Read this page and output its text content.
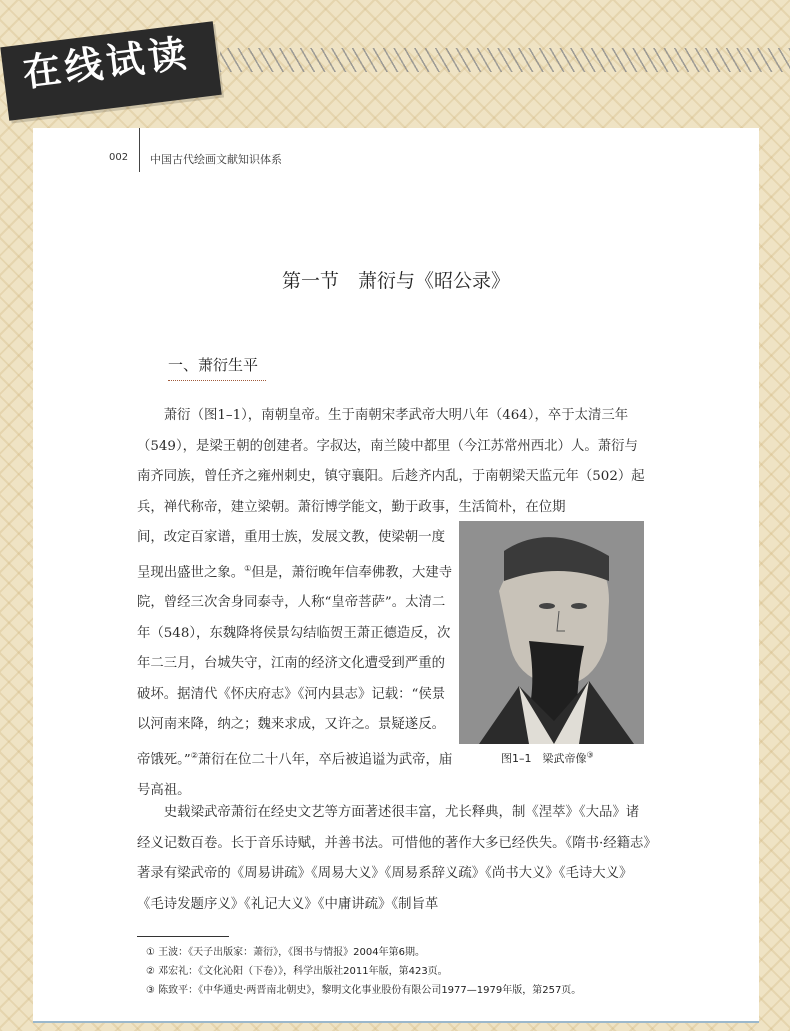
在线试读
002 中国古代绘画文献知识体系
第一节　萧衍与《昭公录》
一、萧衍生平
萧衍（图1–1），南朝皇帝。生于南朝宋孝武帝大明八年（464），卒于太清三年（549），是梁王朝的创建者。字叔达，南兰陵中都里（今江苏常州西北）人。萧衍与南齐同族，曾任齐之雍州刺史，镇守襄阳。后趁齐内乱，于南朝梁天监元年（502）起兵，禅代称帝，建立梁朝。萧衍博学能文，勤于政事，生活简朴，在位期
间，改定百家谱，重用士族，发展文教，使梁朝一度呈现出盛世之象。①但是，萧衍晚年信奉佛教，大建寺院，曾经三次舍身同泰寺，人称“皇帝菩萨”。太清二年（548），东魏降将侯景勾结临贺王萧正德造反，次年二三月，台城失守，江南的经济文化遭受到严重的破坏。据清代《怀庆府志》《河内县志》记载：“侯景以河南来降，纳之；魏来求成，又许之。景疑遂反。帝饿死。”②萧衍在位二十八年，卒后被追谥为武帝，庙号高祖。
图1–1　梁武帝像③
史载梁武帝萧衍在经史文艺等方面著述很丰富，尤长释典，制《涅萃》《大品》诸经义记数百卷。长于音乐诗赋，并善书法。可惜他的著作大多已经佚失。《隋书·经籍志》著录有梁武帝的《周易讲疏》《周易大义》《周易系辞义疏》《尚书大义》《毛诗大义》《毛诗发题序义》《礼记大义》《中庸讲疏》《制旨革
① 王波：《天子出版家：萧衍》，《图书与情报》2004年第6期。
② 邓宏礼：《文化沁阳（下卷）》，科学出版社2011年版，第423页。
③ 陈致平：《中华通史·两晋南北朝史》，黎明文化事业股份有限公司1977—1979年版，第257页。
